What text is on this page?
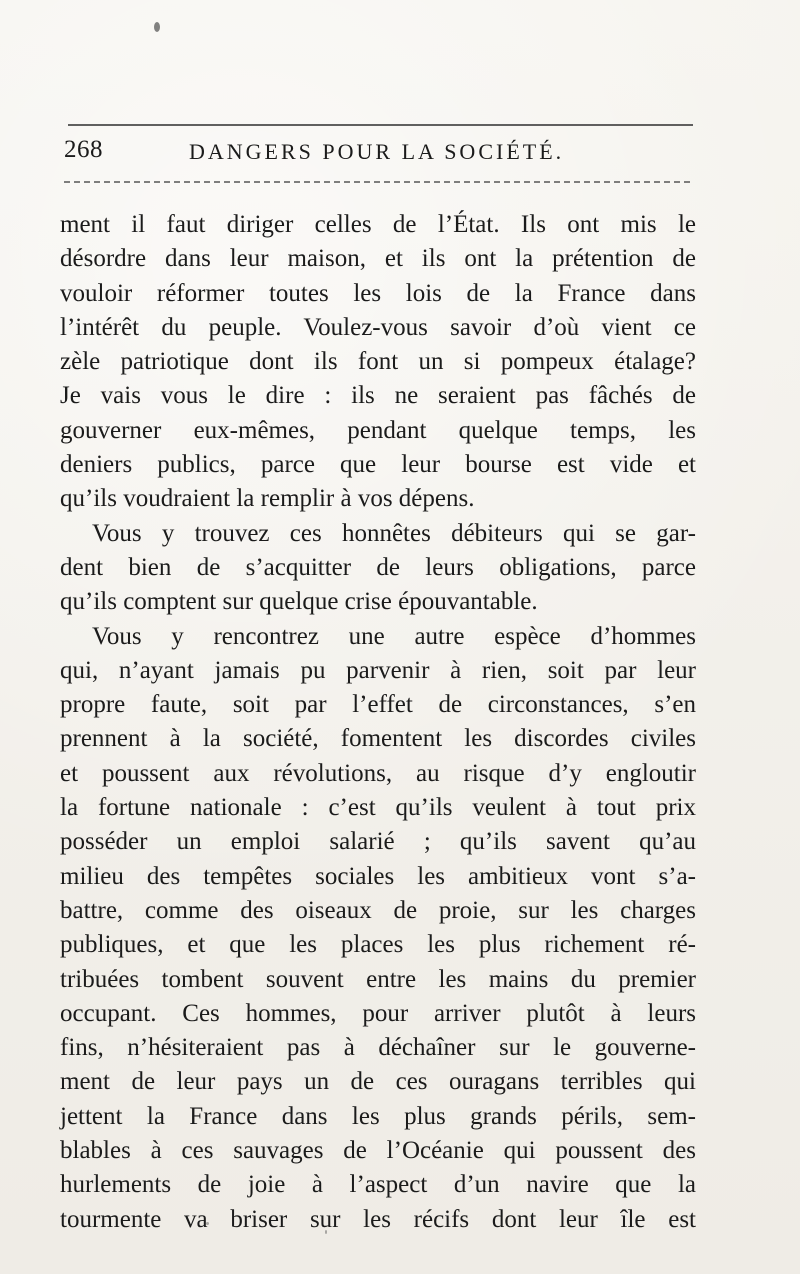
268	DANGERS POUR LA SOCIÉTÉ.
ment il faut diriger celles de l’État. Ils ont mis le
désordre dans leur maison, et ils ont la prétention de
vouloir réformer toutes les lois de la France dans
l’intérêt du peuple. Voulez-vous savoir d’où vient ce
zèle patriotique dont ils font un si pompeux étalage?
Je vais vous le dire : ils ne seraient pas fâchés de
gouverner eux-mêmes, pendant quelque temps, les
deniers publics, parce que leur bourse est vide et
qu’ils voudraient la remplir à vos dépens.
Vous y trouvez ces honnêtes débiteurs qui se gar-
dent bien de s’acquitter de leurs obligations, parce
qu’ils comptent sur quelque crise épouvantable.
Vous y rencontrez une autre espèce d’hommes
qui, n’ayant jamais pu parvenir à rien, soit par leur
propre faute, soit par l’effet de circonstances, s’en
prennent à la société, fomentent les discordes civiles
et poussent aux révolutions, au risque d’y engloutir
la fortune nationale : c’est qu’ils veulent à tout prix
posséder un emploi salarié ; qu’ils savent qu’au
milieu des tempêtes sociales les ambitieux vont s’a-
battre, comme des oiseaux de proie, sur les charges
publiques, et que les places les plus richement ré-
tribuées tombent souvent entre les mains du premier
occupant. Ces hommes, pour arriver plutôt à leurs
fins, n’hésiteraient pas à déchaîner sur le gouverne-
ment de leur pays un de ces ouragans terribles qui
jettent la France dans les plus grands périls, sem-
blables à ces sauvages de l’Océanie qui poussent des
hurlements de joie à l’aspect d’un navire que la
tourmente va briser sur les récifs dont leur île est
